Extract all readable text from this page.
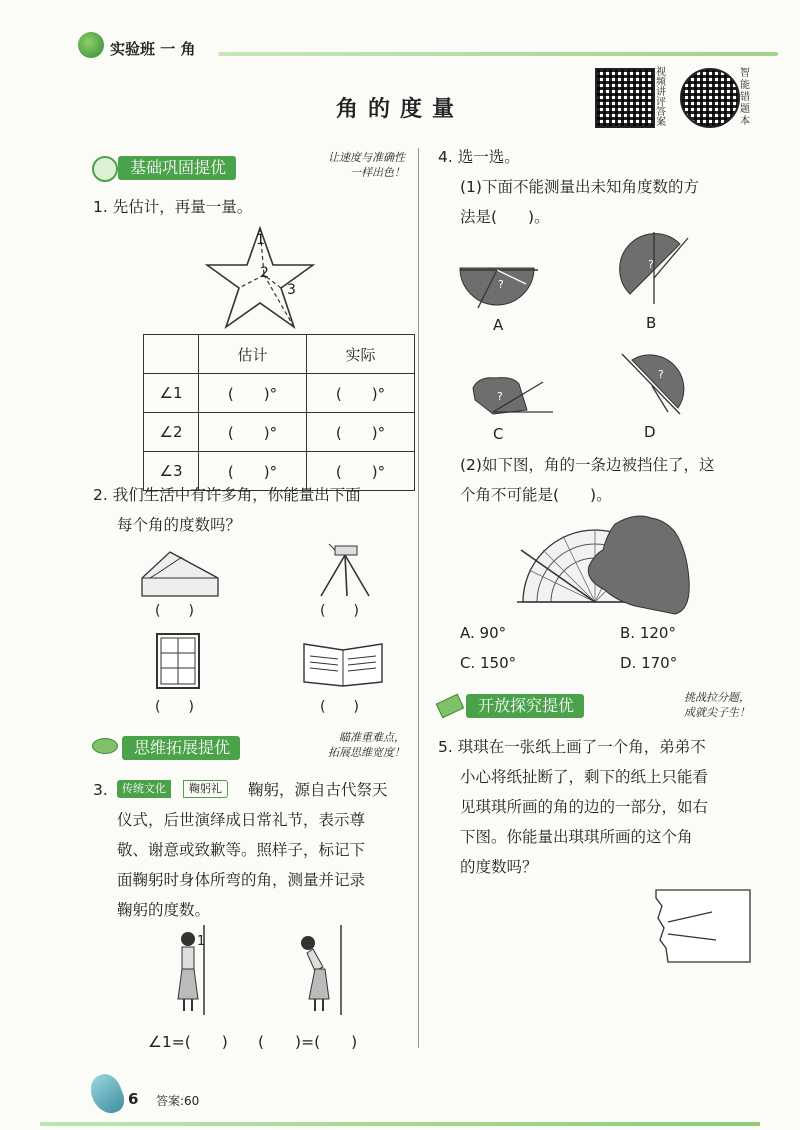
实验班 一 角
角的度量
视频讲评答案
智能错题本
基础巩固提优
让速度与准确性
一样出色！
1. 先估计，再量一量。
1
2
3
	估计	实际
∠1	(　　)°	(　　)°
∠2	(　　)°	(　　)°
∠3	(　　)°	(　　)°
2. 我们生活中有许多角，你能量出下面
每个角的度数吗？
(　　)	(　　)
(　　)	(　　)
思维拓展提优
瞄准重难点，
拓展思维宽度！
3.	传统文化	鞠躬礼	鞠躬，源自古代祭天
仪式，后世演绎成日常礼节，表示尊
敬、谢意或致歉等。照样子，标记下
面鞠躬时身体所弯的角，测量并记录
鞠躬的度数。
1
∠1=(　　) (　　)=(　　)
4. 选一选。
(1)下面不能测量出未知角度数的方
法是(　　)。
?
A
?
B
?
C
?
D
(2)如下图，角的一条边被挡住了，这
个角不可能是(　　)。
A. 90°	B. 120°
C. 150°	D. 170°
开放探究提优	挑战拉分题，
成就尖子生！
5. 琪琪在一张纸上画了一个角，弟弟不
小心将纸扯断了，剩下的纸上只能看
见琪琪所画的角的边的一部分，如右
下图。你能量出琪琪所画的这个角
的度数吗？
6 答案:60
